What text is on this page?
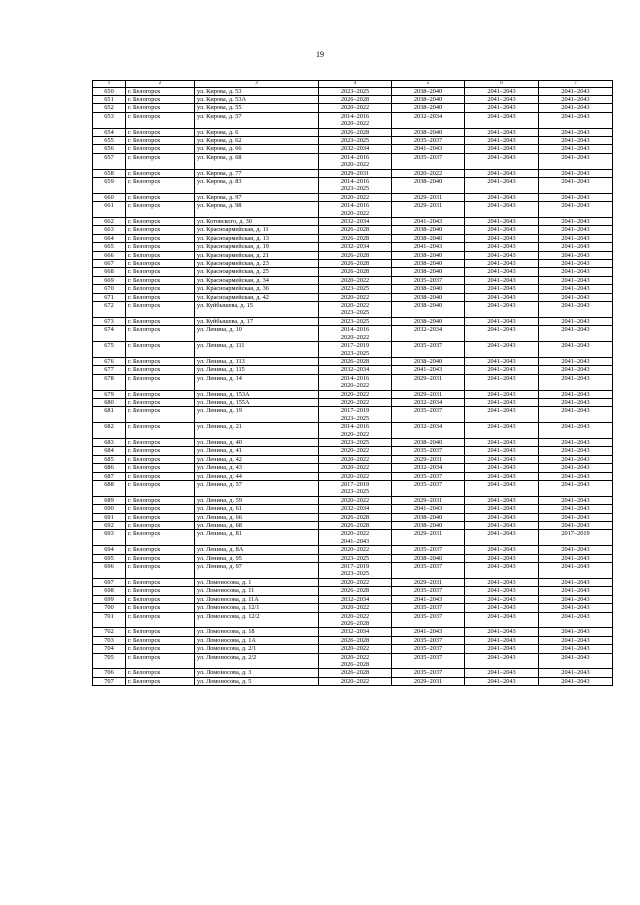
19
1	2	3	4	5	6	7
650	г. Белогорск	ул. Кирова, д. 53	2023–2025	2038–2040	2041–2043	2041–2043
651	г. Белогорск	ул. Кирова, д. 53А	2026–2028	2038–2040	2041–2043	2041–2043
652	г. Белогорск	ул. Кирова, д. 55	2020–2022	2038–2040	2041–2043	2041–2043
653	г. Белогорск	ул. Кирова, д. 57	2014–2016
2020–2022	2032–2034	2041–2043	2041–2043
654	г. Белогорск	ул. Кирова, д. 6	2026–2028	2038–2040	2041–2043	2041–2043
655	г. Белогорск	ул. Кирова, д. 62	2023–2025	2035–2037	2041–2043	2041–2043
656	г. Белогорск	ул. Кирова, д. 66	2032–2034	2041–2043	2041–2043	2041–2043
657	г. Белогорск	ул. Кирова, д. 68	2014–2016
2020–2022	2035–2037	2041–2043	2041–2043
658	г. Белогорск	ул. Кирова, д. 77	2029–2031	2020–2022	2041–2043	2041–2043
659	г. Белогорск	ул. Кирова, д. 83	2014–2016
2023–2025	2038–2040	2041–2043	2041–2043
660	г. Белогорск	ул. Кирова, д. 97	2020–2022	2029–2031	2041–2043	2041–2043
661	г. Белогорск	ул. Кирова, д. 98	2014–2016
2020–2022	2029–2031	2041–2043	2041–2043
662	г. Белогорск	ул. Котовского, д. 30	2032–2034	2041–2043	2041–2043	2041–2043
663	г. Белогорск	ул. Красноармейская, д. 11	2026–2028	2038–2040	2041–2043	2041–2043
664	г. Белогорск	ул. Красноармейская, д. 13	2026–2028	2038–2040	2041–2043	2041–2043
665	г. Белогорск	ул. Красноармейская, д. 19	2032–2034	2041–2043	2041–2043	2041–2043
666	г. Белогорск	ул. Красноармейская, д. 21	2026–2028	2038–2040	2041–2043	2041–2043
667	г. Белогорск	ул. Красноармейская, д. 23	2026–2028	2038–2040	2041–2043	2041–2043
668	г. Белогорск	ул. Красноармейская, д. 25	2026–2028	2038–2040	2041–2043	2041–2043
669	г. Белогорск	ул. Красноармейская, д. 34	2020–2022	2035–2037	2041–2043	2041–2043
670	г. Белогорск	ул. Красноармейская, д. 36	2023–2025	2038–2040	2041–2043	2041–2043
671	г. Белогорск	ул. Красноармейская, д. 42	2020–2022	2038–2040	2041–2043	2041–2043
672	г. Белогорск	ул. Куйбышева, д. 15	2020–2022
2023–2025	2038–2040	2041–2043	2041–2043
673	г. Белогорск	ул. Куйбышева, д. 17	2023–2025	2038–2040	2041–2043	2041–2043
674	г. Белогорск	ул. Ленина, д. 10	2014–2016
2020–2022	2032–2034	2041–2043	2041–2043
675	г. Белогорск	ул. Ленина, д. 111	2017–2019
2023–2025	2035–2037	2041–2043	2041–2043
676	г. Белогорск	ул. Ленина, д. 113	2026–2028	2038–2040	2041–2043	2041–2043
677	г. Белогорск	ул. Ленина, д. 115	2032–2034	2041–2043	2041–2043	2041–2043
678	г. Белогорск	ул. Ленина, д. 14	2014–2016
2020–2022	2029–2031	2041–2043	2041–2043
679	г. Белогорск	ул. Ленина, д. 153А	2020–2022	2029–2031	2041–2043	2041–2043
680	г. Белогорск	ул. Ленина, д. 155А	2020–2022	2032–2034	2041–2043	2041–2043
681	г. Белогорск	ул. Ленина, д. 19	2017–2019
2023–2025	2035–2037	2041–2043	2041–2043
682	г. Белогорск	ул. Ленина, д. 21	2014–2016
2020–2022	2032–2034	2041–2043	2041–2043
683	г. Белогорск	ул. Ленина, д. 40	2023–2025	2038–2040	2041–2043	2041–2043
684	г. Белогорск	ул. Ленина, д. 41	2020–2022	2035–2037	2041–2043	2041–2043
685	г. Белогорск	ул. Ленина, д. 42	2020–2022	2029–2031	2041–2043	2041–2043
686	г. Белогорск	ул. Ленина, д. 43	2020–2022	2032–2034	2041–2043	2041–2043
687	г. Белогорск	ул. Ленина, д. 44	2020–2022	2035–2037	2041–2043	2041–2043
688	г. Белогорск	ул. Ленина, д. 57	2017–2019
2023–2025	2035–2037	2041–2043	2041–2043
689	г. Белогорск	ул. Ленина, д. 59	2020–2022	2029–2031	2041–2043	2041–2043
690	г. Белогорск	ул. Ленина, д. 61	2032–2034	2041–2043	2041–2043	2041–2043
691	г. Белогорск	ул. Ленина, д. 66	2026–2028	2038–2040	2041–2043	2041–2043
692	г. Белогорск	ул. Ленина, д. 68	2026–2028	2038–2040	2041–2043	2041–2043
693	г. Белогорск	ул. Ленина, д. 81	2020–2022
2041–2043	2029–2031	2041–2043	2017–2019
694	г. Белогорск	ул. Ленина, д. 8А	2020–2022	2035–2037	2041–2043	2041–2043
695	г. Белогорск	ул. Ленина, д. 95	2023–2025	2038–2040	2041–2043	2041–2043
696	г. Белогорск	ул. Ленина, д. 97	2017–2019
2023–2025	2035–2037	2041–2043	2041–2043
697	г. Белогорск	ул. Ломоносова, д. 1	2020–2022	2029–2031	2041–2043	2041–2043
698	г. Белогорск	ул. Ломоносова, д. 11	2026–2028	2035–2037	2041–2043	2041–2043
699	г. Белогорск	ул. Ломоносова, д. 11А	2032–2034	2041–2043	2041–2043	2041–2043
700	г. Белогорск	ул. Ломоносова, д. 12/1	2020–2022	2035–2037	2041–2043	2041–2043
701	г. Белогорск	ул. Ломоносова, д. 12/2	2020–2022
2026–2028	2035–2037	2041–2043	2041–2043
702	г. Белогорск	ул. Ломоносова, д. 18	2032–2034	2041–2043	2041–2043	2041–2043
703	г. Белогорск	ул. Ломоносова, д. 1А	2026–2028	2035–2037	2041–2043	2041–2043
704	г. Белогорск	ул. Ломоносова, д. 2/1	2020–2022	2035–2037	2041–2043	2041–2043
705	г. Белогорск	ул. Ломоносова, д. 2/2	2020–2022
2026–2028	2035–2037	2041–2043	2041–2043
706	г. Белогорск	ул. Ломоносова, д. 3	2026–2028	2035–2037	2041–2043	2041–2043
707	г. Белогорск	ул. Ломоносова, д. 5	2020–2022	2029–2031	2041–2043	2041–2043
